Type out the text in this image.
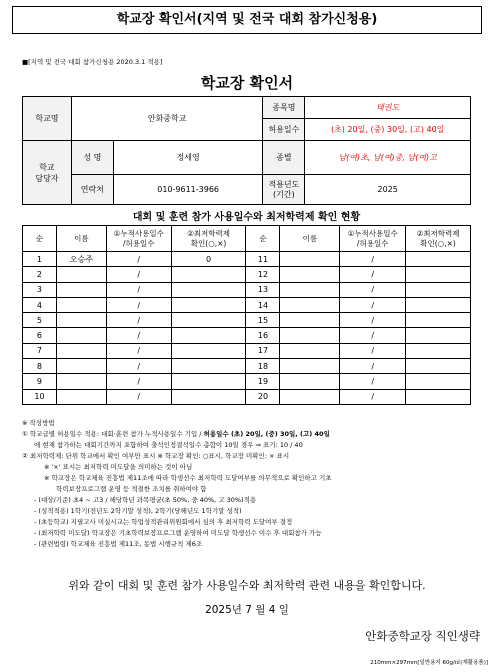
학교장 확인서(지역 및 전국 대회 참가신청용)
■[지역 및 전국 대회 참가신청용 2020.3.1 적용]
학교장 확인서
학교명	안화중학교		종목명	태권도
			허용일수	(초) 20일, (중) 30일, (고) 40일
학교
담당자	성 명	정세영	종별	남(여)초, 남(여)중, 남(여)고
	연락처	010-9611-3966	적용년도
(기간)	2025
대회 및 훈련 참가 사용일수와 최저학력제 확인 현황
순	이름	①누적사용일수
/허용일수	②최저학력제
확인(○,×)	순	이름	①누적사용일수
/허용일수	②최저학력제
확인(○,×)
1	오승주	/	0	11		/	
2		/		12		/	
3		/		13		/	
4		/		14		/	
5		/		15		/	
6		/		16		/	
7		/		17		/	
8		/		18		/	
9		/		19		/	
10		/		20		/	
※ 작성방법
① 학교급별 허용일수 적용: 대회·훈련 참가 누적사용일수 기입 / 허용일수 (초) 20일, (중) 30일, (고) 40일
에 현재 참가하는 대회기간까지 포함하여 출석인정결석일수 총합이 10일 경우 ⇒ 표기: 10 / 40
② 최저학력제: 단위 학교에서 확인 여부만 표시 ※ 학교장 확인: ○표시, 학교장 미확인: × 표시
※ '×' 표시는 최저학력 미도달을 의미하는 것이 아님
※ 학교장은 학교체육 진흥법 제11조에 따라 학생선수 최저학력 도달여부를 의무적으로 확인하고 기초
학력보장프로그램 운영 등 적절한 조치를 취하여야 함
- (대상/기준) 초4 ~ 고3 / 해당학년 과목평균(초 50%, 중 40%, 고 30%)적용
- (성적적용) 1학기(전년도 2학기말 성적), 2학기(당해년도 1학기말 성적)
- (초등학교) 지필고사 미실시교는 학업성적관리위원회에서 심의 후 최저학력 도달여부 결정
- (최저학력 미도달) 학교장은 기초학력보장프로그램 운영하여 미도달 학생선수 이수 후 대회참가 가능
- (관련법령) 학교체육 진흥법 제11조, 동법 시행규칙 제6조
위와 같이 대회 및 훈련 참가 사용일수와 최저학력 관련 내용을 확인합니다.
2025년 7 월 4 일
안화중학교장 직인생략
210mm×297mm[일반용지 60g/㎡(재활용품)]
